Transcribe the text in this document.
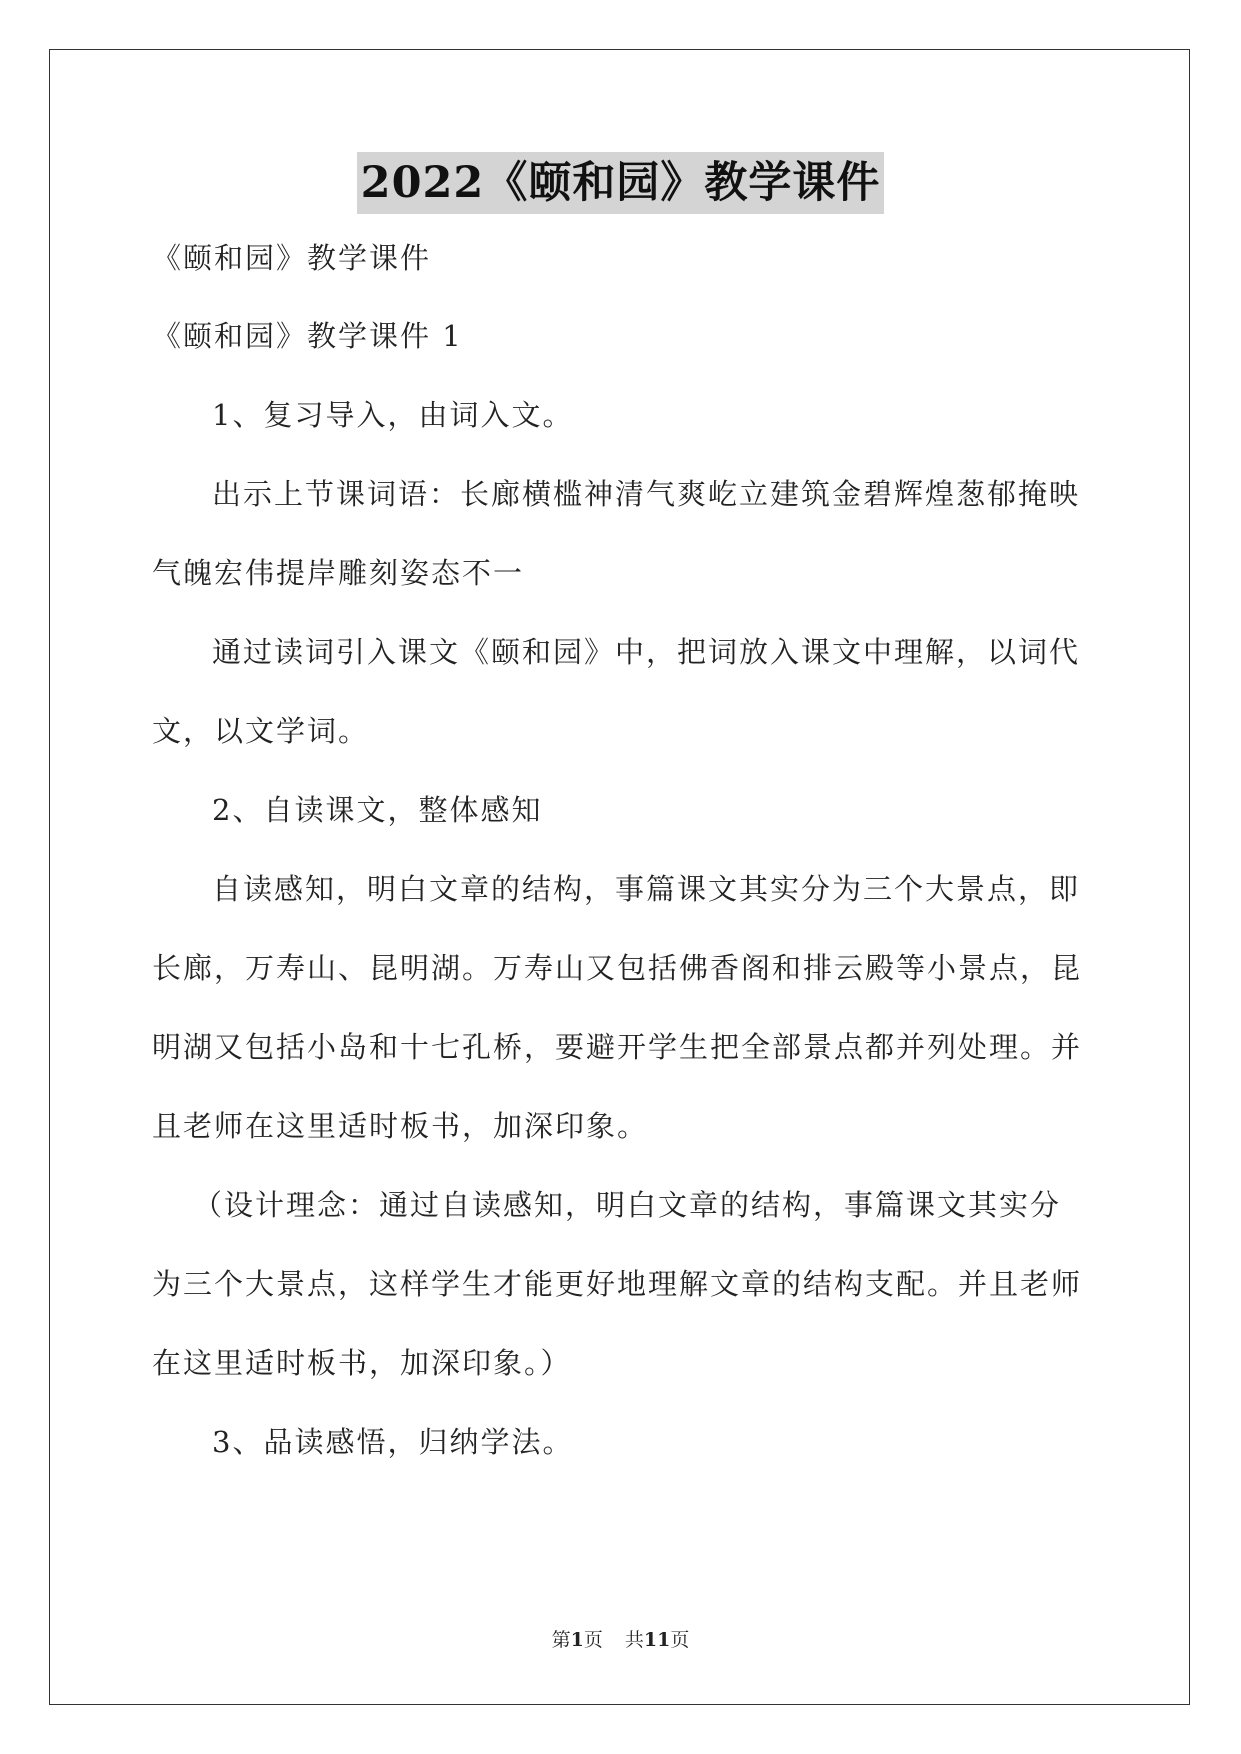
2022《颐和园》教学课件
《颐和园》教学课件
《颐和园》教学课件 1
1、复习导入，由词入文。
出示上节课词语：长廊横槛神清气爽屹立建筑金碧辉煌葱郁掩映
气魄宏伟提岸雕刻姿态不一
通过读词引入课文《颐和园》中，把词放入课文中理解，以词代
文，以文学词。
2、自读课文，整体感知
自读感知，明白文章的结构，事篇课文其实分为三个大景点，即
长廊，万寿山、昆明湖。万寿山又包括佛香阁和排云殿等小景点，昆
明湖又包括小岛和十七孔桥，要避开学生把全部景点都并列处理。并
且老师在这里适时板书，加深印象。
（设计理念：通过自读感知，明白文章的结构，事篇课文其实分
为三个大景点，这样学生才能更好地理解文章的结构支配。并且老师
在这里适时板书，加深印象。）
3、品读感悟，归纳学法。
第1页 共11页
